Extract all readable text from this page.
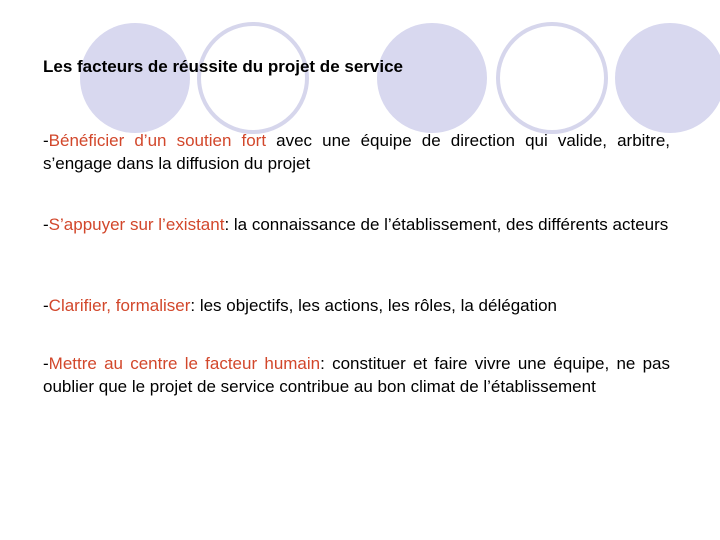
Les facteurs de réussite du projet de service

-Bénéficier d’un soutien fort avec une équipe de direction qui valide, arbitre, s’engage dans la diffusion du projet

-S’appuyer sur l’existant: la connaissance de l’établissement, des différents acteurs

-Clarifier, formaliser: les objectifs, les actions, les rôles, la délégation

-Mettre au centre le facteur humain: constituer et faire vivre une équipe, ne pas oublier que le projet de service contribue au bon climat de l’établissement
